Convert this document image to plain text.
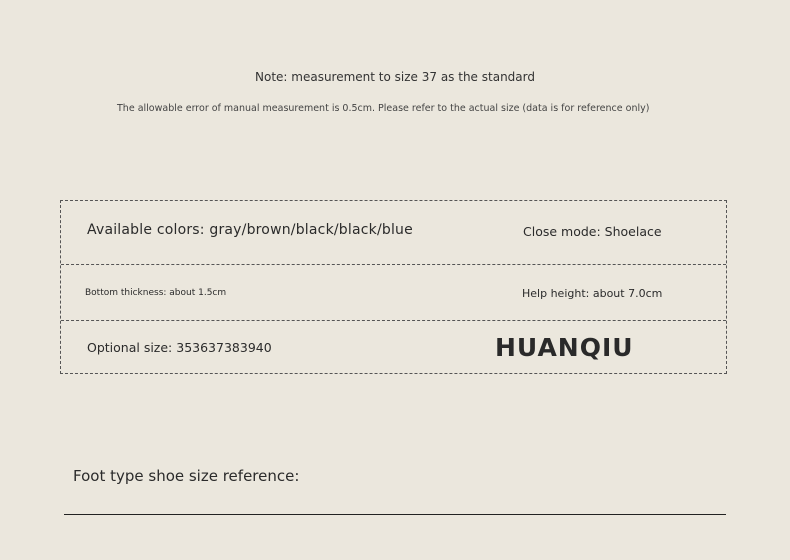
Note: measurement to size 37 as the standard
The allowable error of manual measurement is 0.5cm. Please refer to the actual size (data is for reference only)
Available colors: gray/brown/black/black/blue	Close mode: Shoelace
Bottom thickness: about 1.5cm	Help height: about 7.0cm
Optional size: 353637383940	HUANQIU
Foot type shoe size reference:
